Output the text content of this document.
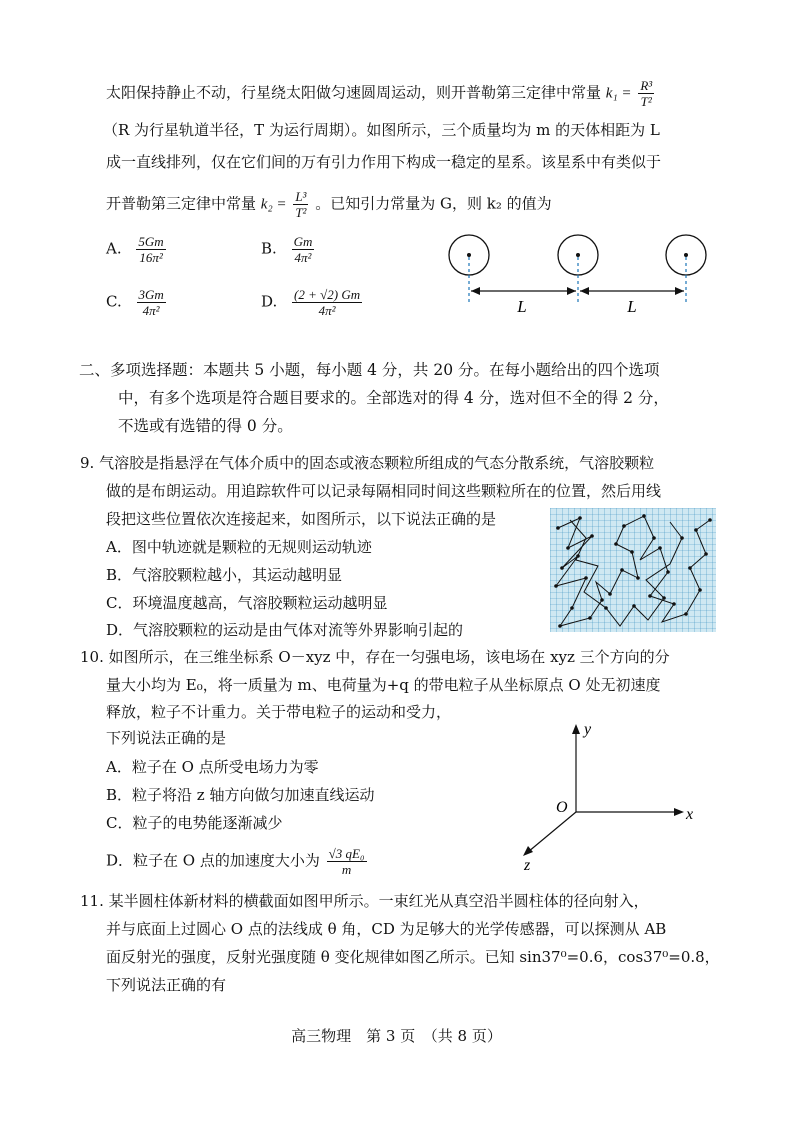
太阳保持静止不动，行星绕太阳做匀速圆周运动，则开普勒第三定律中常量 $k_1 = \frac{\text{R³}}{\text{T²}}$
（R 为行星轨道半径，T 为运行周期）。如图所示，三个质量均为 m 的天体相距为 L
成一直线排列，仅在它们间的万有引力作用下构成一稳定的星系。该星系中有类似于
开普勒第三定律中常量 $k_2 = \frac{\text{L³}}{\text{T²}}$ 。已知引力常量为 G，则 k₂ 的值为
A. $\frac{5Gm}{\text{16π²}}$	B. $\frac{Gm}{\text{4π²}}$
C. $\frac{3Gm}{\text{4π²}}$	D. $\frac{(2 + √2) Gm}{\text{4π²}}$	L	L
二、多项选择题：本题共 5 小题，每小题 4 分，共 20 分。在每小题给出的四个选项
中，有多个选项是符合题目要求的。全部选对的得 4 分，选对但不全的得 2 分，
不选或有选错的得 0 分。
9. 气溶胶是指悬浮在气体介质中的固态或液态颗粒所组成的气态分散系统，气溶胶颗粒
做的是布朗运动。用追踪软件可以记录每隔相同时间这些颗粒所在的位置，然后用线
段把这些位置依次连接起来，如图所示，以下说法正确的是
A．图中轨迹就是颗粒的无规则运动轨迹
B．气溶胶颗粒越小，其运动越明显
C．环境温度越高，气溶胶颗粒运动越明显
D．气溶胶颗粒的运动是由气体对流等外界影响引起的
10. 如图所示，在三维坐标系 O－xyz 中，存在一匀强电场，该电场在 xyz 三个方向的分
量大小均为 E₀，将一质量为 m、电荷量为+q 的带电粒子从坐标原点 O 处无初速度
释放，粒子不计重力。关于带电粒子的运动和受力，
下列说法正确的是
A．粒子在 O 点所受电场力为零
B．粒子将沿 z 轴方向做匀加速直线运动
C．粒子的电势能逐渐减少
D．粒子在 O 点的加速度大小为 $\frac{\text{√3 qE₀}}{m}$
y
x
z
O
11. 某半圆柱体新材料的横截面如图甲所示。一束红光从真空沿半圆柱体的径向射入，
并与底面上过圆心 O 点的法线成 θ 角，CD 为足够大的光学传感器，可以探测从 AB
面反射光的强度，反射光强度随 θ 变化规律如图乙所示。已知 sin37⁰=0.6，cos37⁰=0.8，
下列说法正确的有
高三物理　第 3 页　（共 8 页）
